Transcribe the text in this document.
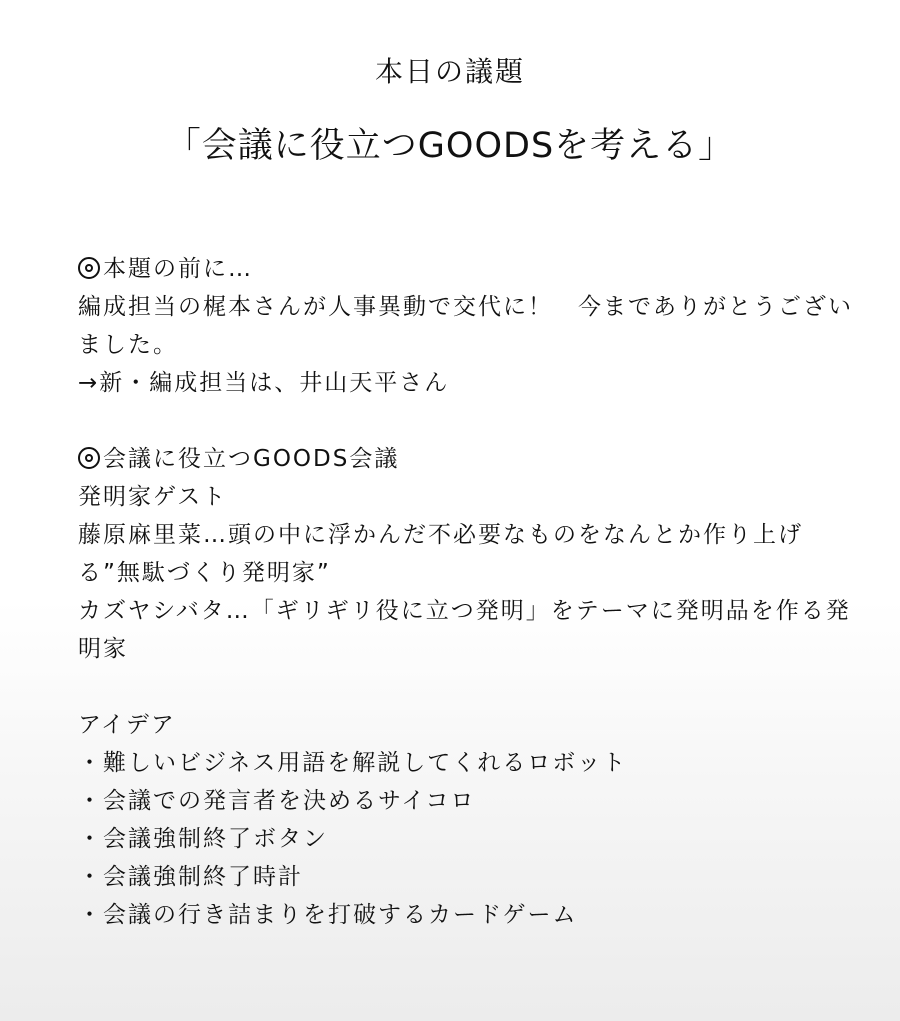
本日の議題
「会議に役立つGOODSを考える」
本題の前に…
編成担当の梶本さんが人事異動で交代に！　今までありがとうございました。
→新・編成担当は、井山天平さん
会議に役立つGOODS会議
発明家ゲスト
藤原麻里菜…頭の中に浮かんだ不必要なものをなんとか作り上げる”無駄づくり発明家”
カズヤシバタ…「ギリギリ役に立つ発明」をテーマに発明品を作る発明家
アイデア
・難しいビジネス用語を解説してくれるロボット
・会議での発言者を決めるサイコロ
・会議強制終了ボタン
・会議強制終了時計
・会議の行き詰まりを打破するカードゲーム
